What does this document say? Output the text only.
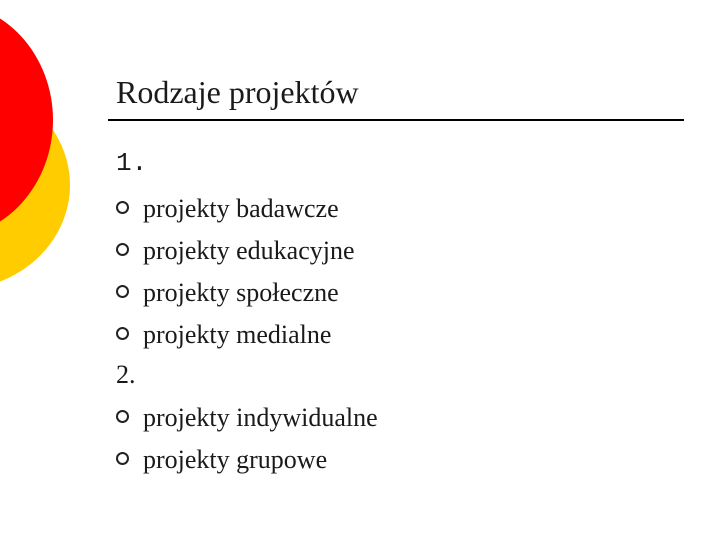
Rodzaje projektów
1.
projekty badawcze
projekty edukacyjne
projekty społeczne
projekty medialne
2.
projekty indywidualne
projekty grupowe
